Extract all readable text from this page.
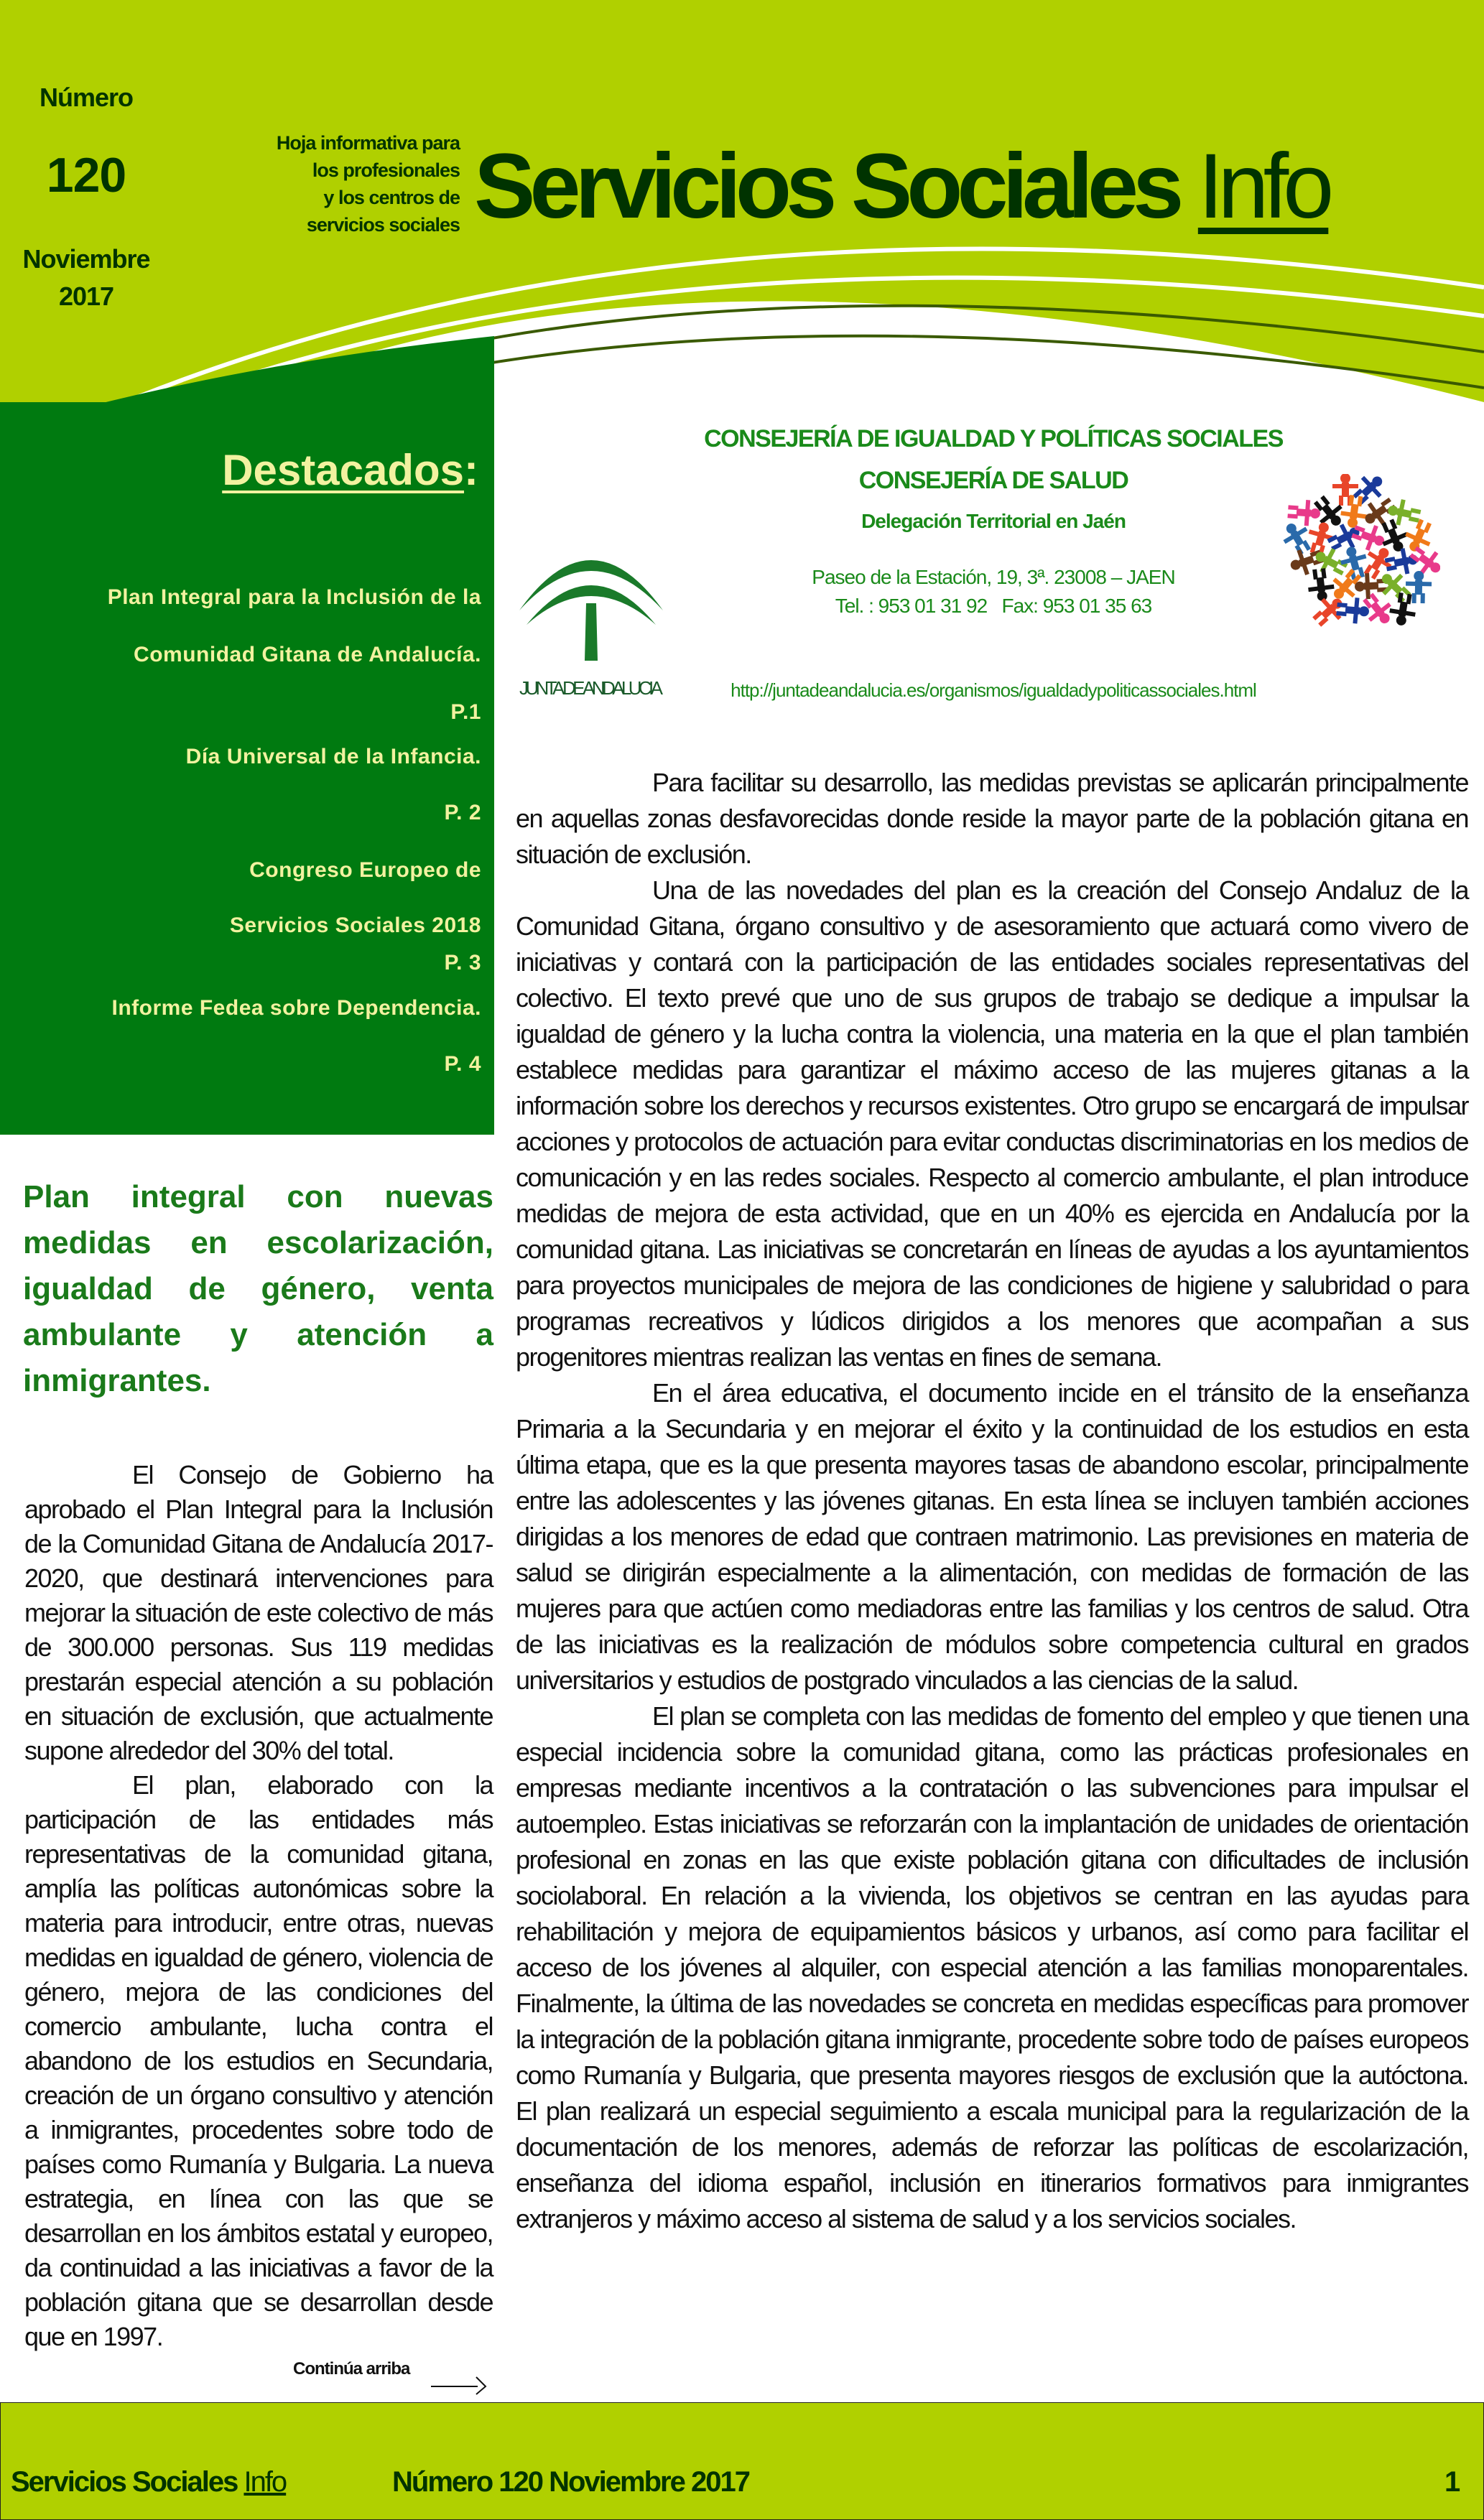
Número
120
Noviembre
2017
Hoja informativa para
los profesionales
y los centros de
servicios sociales Servicios Sociales Info
Destacados:
Plan Integral para la Inclusión de la
Comunidad Gitana de Andalucía.
P.1
Día Universal de la Infancia.
P. 2
Congreso Europeo de
Servicios Sociales 2018
P. 3
Informe Fedea sobre Dependencia.
P. 4
JUNTA DE ANDALUCIA
CONSEJERÍA DE IGUALDAD Y POLÍTICAS SOCIALES
CONSEJERÍA DE SALUD
Delegación Territorial en Jaén
Paseo de la Estación, 19, 3ª. 23008 – JAEN
Tel. : 953 01 31 92   Fax: 953 01 35 63
http://juntadeandalucia.es/organismos/igualdadypoliticassociales.html
Plan integral con nuevas medidas en escolarización, igualdad de género, venta ambulante y atención a inmigrantes.

El Consejo de Gobierno ha aprobado el Plan Integral para la Inclusión de la Comunidad Gitana de Andalucía 2017-2020, que destinará intervenciones para mejorar la situación de este colectivo de más de 300.000 personas. Sus 119 medidas prestarán especial atención a su población en situación de exclusión, que actualmente supone alrededor del 30% del total.

El plan, elaborado con la participación de las entidades más representativas de la comunidad gitana, amplía las políticas autonómicas sobre la materia para introducir, entre otras, nuevas medidas en igualdad de género, violencia de género, mejora de las condiciones del comercio ambulante, lucha contra el abandono de los estudios en Secundaria, creación de un órgano consultivo y atención a inmigrantes, procedentes sobre todo de países como Rumanía y Bulgaria. La nueva estrategia, en línea con las que se desarrollan en los ámbitos estatal y europeo, da continuidad a las iniciativas a favor de la población gitana que se desarrollan desde que en 1997.

Continúa arriba

Para facilitar su desarrollo, las medidas previstas se aplicarán principalmente en aquellas zonas desfavorecidas donde reside la mayor parte de la población gitana en situación de exclusión.

Una de las novedades del plan es la creación del Consejo Andaluz de la Comunidad Gitana, órgano consultivo y de asesoramiento que actuará como vivero de iniciativas y contará con la participación de las entidades sociales representativas del colectivo. El texto prevé que uno de sus grupos de trabajo se dedique a impulsar la igualdad de género y la lucha contra la violencia, una materia en la que el plan también establece medidas para garantizar el máximo acceso de las mujeres gitanas a la información sobre los derechos y recursos existentes. Otro grupo se encargará de impulsar acciones y protocolos de actuación para evitar conductas discriminatorias en los medios de comunicación y en las redes sociales. Respecto al comercio ambulante, el plan introduce medidas de mejora de esta actividad, que en un 40% es ejercida en Andalucía por la comunidad gitana. Las iniciativas se concretarán en líneas de ayudas a los ayuntamientos para proyectos municipales de mejora de las condiciones de higiene y salubridad o para programas recreativos y lúdicos dirigidos a los menores que acompañan a sus progenitores mientras realizan las ventas en fines de semana.

En el área educativa, el documento incide en el tránsito de la enseñanza Primaria a la Secundaria y en mejorar el éxito y la continuidad de los estudios en esta última etapa, que es la que presenta mayores tasas de abandono escolar, principalmente entre las adolescentes y las jóvenes gitanas. En esta línea se incluyen también acciones dirigidas a los menores de edad que contraen matrimonio. Las previsiones en materia de salud se dirigirán especialmente a la alimentación, con medidas de formación de las mujeres para que actúen como mediadoras entre las familias y los centros de salud. Otra de las iniciativas es la realización de módulos sobre competencia cultural en grados universitarios y estudios de postgrado vinculados a las ciencias de la salud.

El plan se completa con las medidas de fomento del empleo y que tienen una especial incidencia sobre la comunidad gitana, como las prácticas profesionales en empresas mediante incentivos a la contratación o las subvenciones para impulsar el autoempleo. Estas iniciativas se reforzarán con la implantación de unidades de orientación profesional en zonas en las que existe población gitana con dificultades de inclusión sociolaboral. En relación a la vivienda, los objetivos se centran en las ayudas para rehabilitación y mejora de equipamientos básicos y urbanos, así como para facilitar el acceso de los jóvenes al alquiler, con especial atención a las familias monoparentales. Finalmente, la última de las novedades se concreta en medidas específicas para promover la integración de la población gitana inmigrante, procedente sobre todo de países europeos como Rumanía y Bulgaria, que presenta mayores riesgos de exclusión que la autóctona. El plan realizará un especial seguimiento a escala municipal para la regularización de la documentación de los menores, además de reforzar las políticas de escolarización, enseñanza del idioma español, inclusión en itinerarios formativos para inmigrantes extranjeros y máximo acceso al sistema de salud y a los servicios sociales.

Servicios Sociales Info	Número 120 Noviembre 2017	1
